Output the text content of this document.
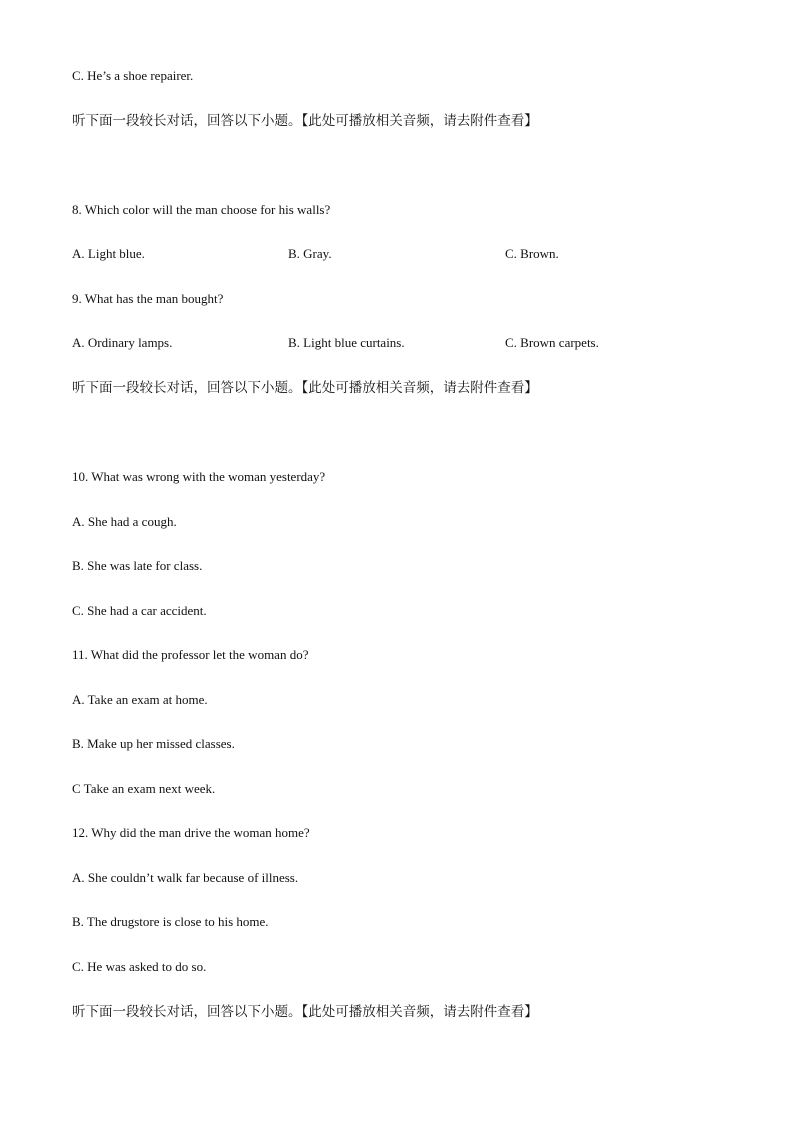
C. He’s a shoe repairer.
听下面一段较长对话，回答以下小题。【此处可播放相关音频，请去附件查看】
8. Which color will the man choose for his walls?
A. Light blue.	B. Gray.	C. Brown.
9. What has the man bought?
A. Ordinary lamps.	B. Light blue curtains.	C. Brown carpets.
听下面一段较长对话，回答以下小题。【此处可播放相关音频，请去附件查看】
10. What was wrong with the woman yesterday?
A. She had a cough.
B. She was late for class.
C. She had a car accident.
11. What did the professor let the woman do?
A. Take an exam at home.
B. Make up her missed classes.
C Take an exam next week.
12. Why did the man drive the woman home?
A. She couldn’t walk far because of illness.
B. The drugstore is close to his home.
C. He was asked to do so.
听下面一段较长对话，回答以下小题。【此处可播放相关音频，请去附件查看】
